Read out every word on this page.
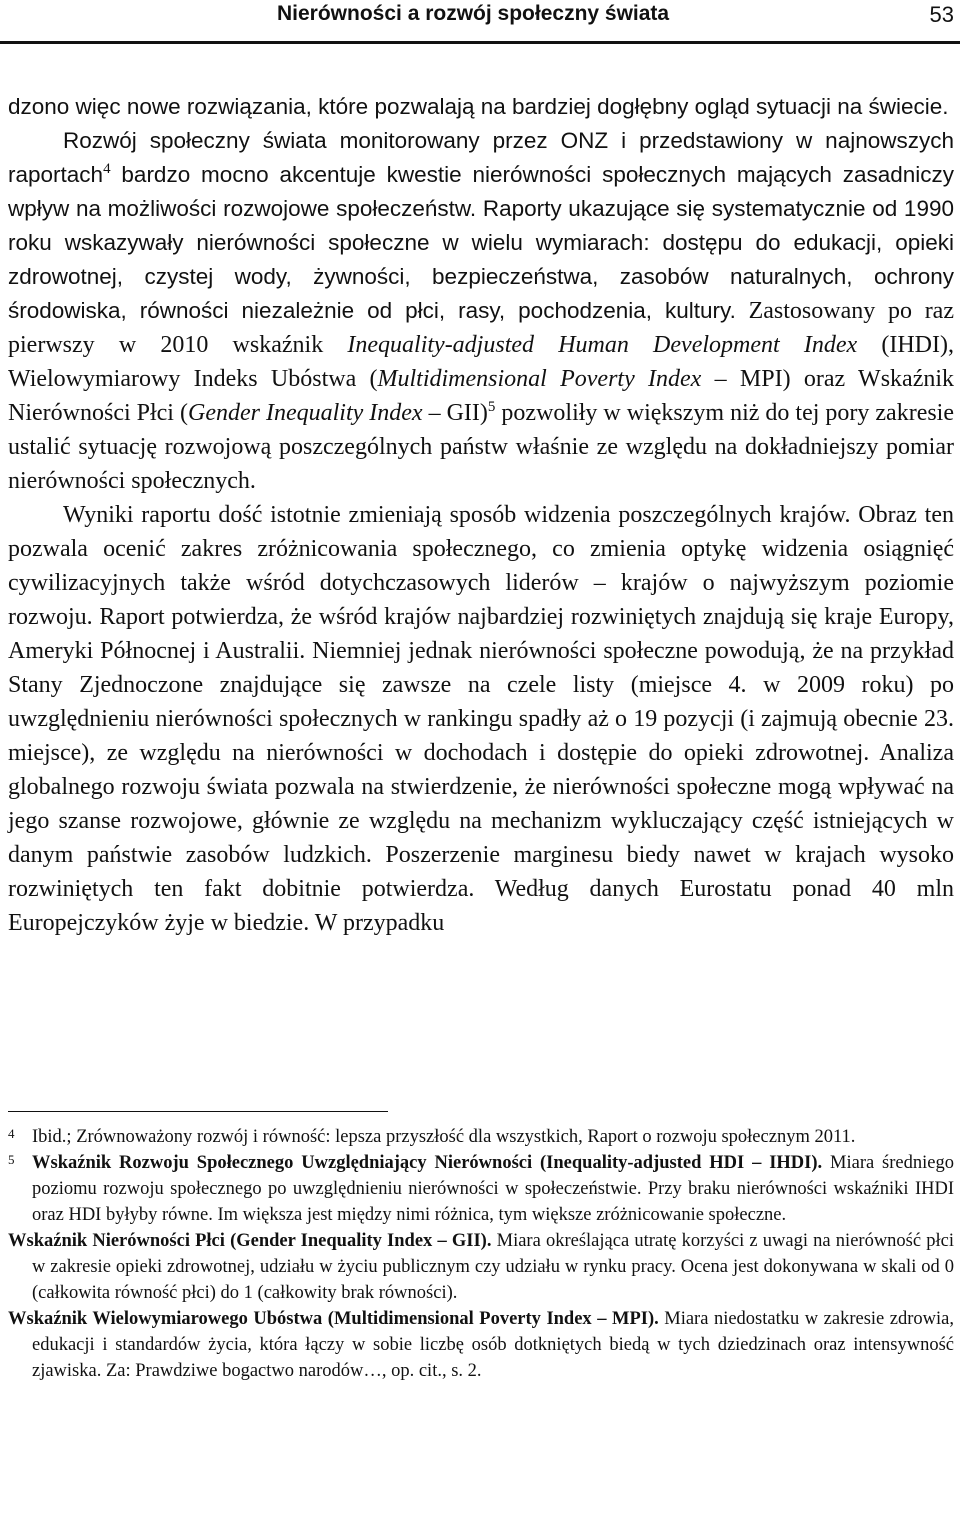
Nierówności a rozwój społeczny świata	53

dzono więc nowe rozwiązania, które pozwalają na bardziej dogłębny ogląd sytuacji na świecie.

Rozwój społeczny świata monitorowany przez ONZ i przedstawiony w najnowszych raportach$^4$ bardzo mocno akcentuje kwestie nierówności społecznych mających zasadniczy wpływ na możliwości rozwojowe społeczeństw. Raporty ukazujące się systematycznie od 1990 roku wskazywały nierówności społeczne w wielu wymiarach: dostępu do edukacji, opieki zdrowotnej, czystej wody, żywności, bezpieczeństwa, zasobów naturalnych, ochrony środowiska, równości niezależnie od płci, rasy, pochodzenia, kultury. Zastosowany po raz pierwszy w 2010 wskaźnik Inequality-adjusted Human Development Index (IHDI), Wielowymiarowy Indeks Ubóstwa (Multidimensional Poverty Index – MPI) oraz Wskaźnik Nierówności Płci (Gender Inequality Index – GII)$^5$ pozwoliły w większym niż do tej pory zakresie ustalić sytuację rozwojową poszczególnych państw właśnie ze względu na dokładniejszy pomiar nierówności społecznych.

Wyniki raportu dość istotnie zmieniają sposób widzenia poszczególnych krajów. Obraz ten pozwala ocenić zakres zróżnicowania społecznego, co zmienia optykę widzenia osiągnięć cywilizacyjnych także wśród dotychczasowych liderów – krajów o najwyższym poziomie rozwoju. Raport potwierdza, że wśród krajów najbardziej rozwiniętych znajdują się kraje Europy, Ameryki Północnej i Australii. Niemniej jednak nierówności społeczne powodują, że na przykład Stany Zjednoczone znajdujące się zawsze na czele listy (miejsce 4. w 2009 roku) po uwzględnieniu nierówności społecznych w rankingu spadły aż o 19 pozycji (i zajmują obecnie 23. miejsce), ze względu na nierówności w dochodach i dostępie do opieki zdrowotnej. Analiza globalnego rozwoju świata pozwala na stwierdzenie, że nierówności społeczne mogą wpływać na jego szanse rozwojowe, głównie ze względu na mechanizm wykluczający część istniejących w danym państwie zasobów ludzkich. Poszerzenie marginesu biedy nawet w krajach wysoko rozwiniętych ten fakt dobitnie potwierdza. Według danych Eurostatu ponad 40 mln Europejczyków żyje w biedzie. W przypadku

4 Ibid.; Zrównoważony rozwój i równość: lepsza przyszłość dla wszystkich, Raport o rozwoju społecznym 2011.

5 Wskaźnik Rozwoju Społecznego Uwzględniający Nierówności (Inequality-adjusted HDI – IHDI). Miara średniego poziomu rozwoju społecznego po uwzględnieniu nierówności w społeczeństwie. Przy braku nierówności wskaźniki IHDI oraz HDI byłyby równe. Im większa jest między nimi różnica, tym większe zróżnicowanie społeczne.

Wskaźnik Nierówności Płci (Gender Inequality Index – GII). Miara określająca utratę korzyści z uwagi na nierówność płci w zakresie opieki zdrowotnej, udziału w życiu publicznym czy udziału w rynku pracy. Ocena jest dokonywana w skali od 0 (całkowita równość płci) do 1 (całkowity brak równości).

Wskaźnik Wielowymiarowego Ubóstwa (Multidimensional Poverty Index – MPI). Miara niedostatku w zakresie zdrowia, edukacji i standardów życia, która łączy w sobie liczbę osób dotkniętych biedą w tych dziedzinach oraz intensywność zjawiska. Za: Prawdziwe bogactwo narodów…, op. cit., s. 2.
